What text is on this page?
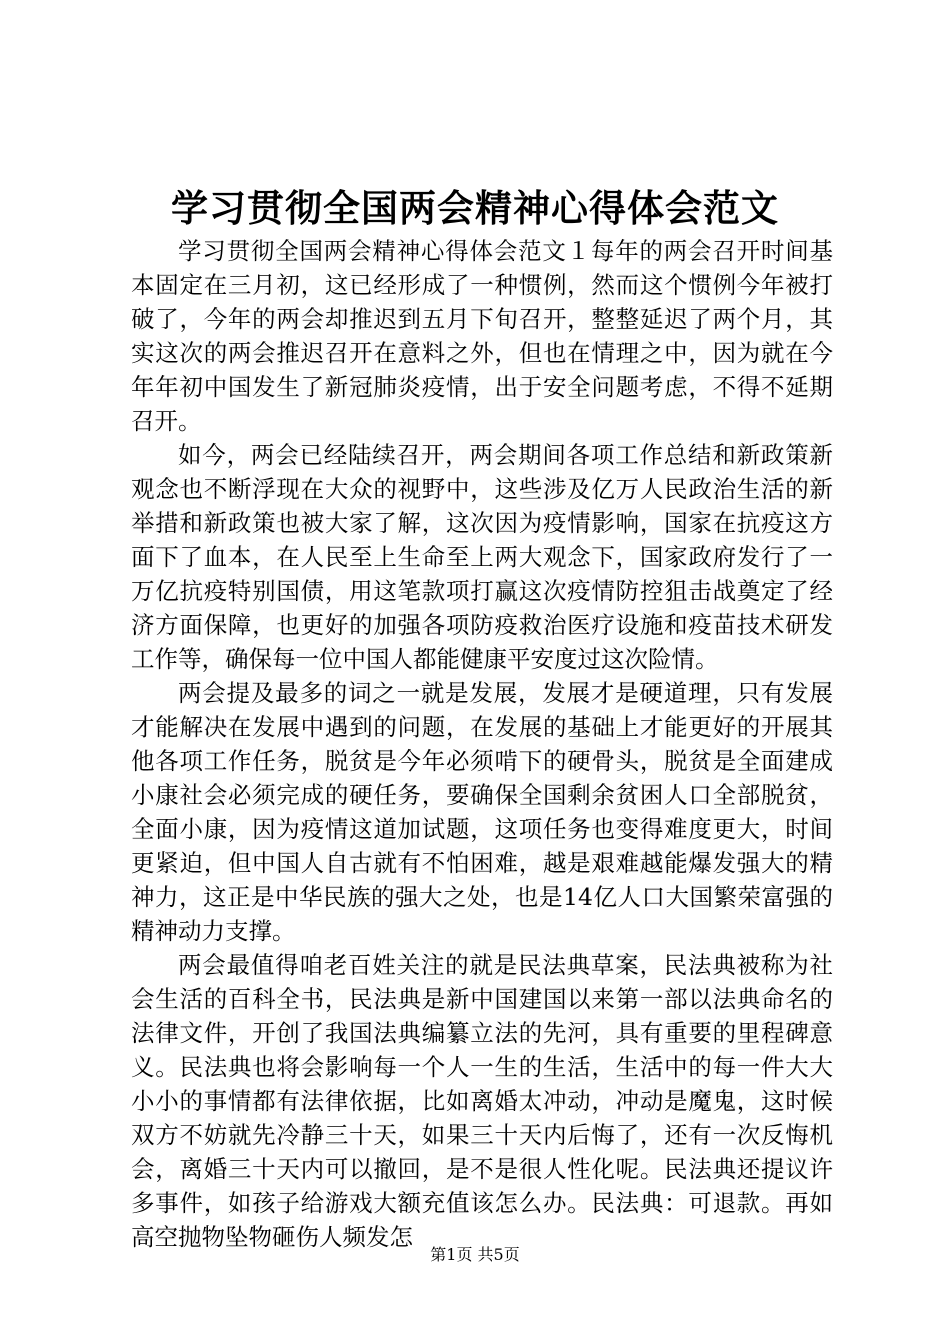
学习贯彻全国两会精神心得体会范文

学习贯彻全国两会精神心得体会范文１每年的两会召开时间基本固定在三月初，这已经形成了一种惯例，然而这个惯例今年被打破了，今年的两会却推迟到五月下旬召开，整整延迟了两个月，其实这次的两会推迟召开在意料之外，但也在情理之中，因为就在今年年初中国发生了新冠肺炎疫情，出于安全问题考虑，不得不延期召开。

如今，两会已经陆续召开，两会期间各项工作总结和新政策新观念也不断浮现在大众的视野中，这些涉及亿万人民政治生活的新举措和新政策也被大家了解，这次因为疫情影响，国家在抗疫这方面下了血本，在人民至上生命至上两大观念下，国家政府发行了一万亿抗疫特别国债，用这笔款项打赢这次疫情防控狙击战奠定了经济方面保障，也更好的加强各项防疫救治医疗设施和疫苗技术研发工作等，确保每一位中国人都能健康平安度过这次险情。

两会提及最多的词之一就是发展，发展才是硬道理，只有发展才能解决在发展中遇到的问题，在发展的基础上才能更好的开展其他各项工作任务，脱贫是今年必须啃下的硬骨头，脱贫是全面建成小康社会必须完成的硬任务，要确保全国剩余贫困人口全部脱贫，全面小康，因为疫情这道加试题，这项任务也变得难度更大，时间更紧迫，但中国人自古就有不怕困难，越是艰难越能爆发强大的精神力，这正是中华民族的强大之处，也是14亿人口大国繁荣富强的精神动力支撑。

两会最值得咱老百姓关注的就是民法典草案，民法典被称为社会生活的百科全书，民法典是新中国建国以来第一部以法典命名的法律文件，开创了我国法典编纂立法的先河，具有重要的里程碑意义。民法典也将会影响每一个人一生的生活，生活中的每一件大大小小的事情都有法律依据，比如离婚太冲动，冲动是魔鬼，这时候双方不妨就先冷静三十天，如果三十天内后悔了，还有一次反悔机会，离婚三十天内可以撤回，是不是很人性化呢。民法典还提议许多事件，如孩子给游戏大额充值该怎么办。民法典：可退款。再如高空抛物坠物砸伤人频发怎

第1页 共5页
